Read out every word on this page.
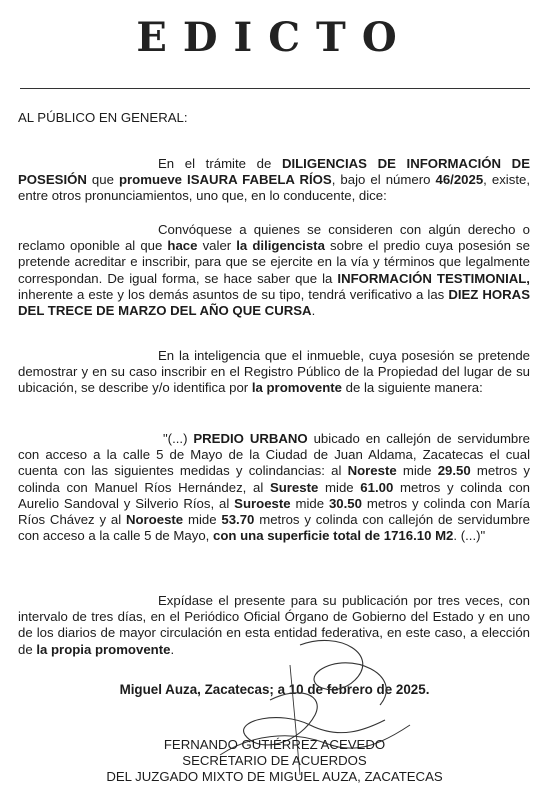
EDICTO
AL PÚBLICO EN GENERAL:
En el trámite de DILIGENCIAS DE INFORMACIÓN DE POSESIÓN que promueve ISAURA FABELA RÍOS, bajo el número 46/2025, existe, entre otros pronunciamientos, uno que, en lo conducente, dice:
Convóquese a quienes se consideren con algún derecho o reclamo oponible al que hace valer la diligencista sobre el predio cuya posesión se pretende acreditar e inscribir, para que se ejercite en la vía y términos que legalmente correspondan. De igual forma, se hace saber que la INFORMACIÓN TESTIMONIAL, inherente a este y los demás asuntos de su tipo, tendrá verificativo a las DIEZ HORAS DEL TRECE DE MARZO DEL AÑO QUE CURSA.
En la inteligencia que el inmueble, cuya posesión se pretende demostrar y en su caso inscribir en el Registro Público de la Propiedad del lugar de su ubicación, se describe y/o identifica por la promovente de la siguiente manera:
"(...) PREDIO URBANO ubicado en callejón de servidumbre con acceso a la calle 5 de Mayo de la Ciudad de Juan Aldama, Zacatecas el cual cuenta con las siguientes medidas y colindancias: al Noreste mide 29.50 metros y colinda con Manuel Ríos Hernández, al Sureste mide 61.00 metros y colinda con Aurelio Sandoval y Silverio Ríos, al Suroeste mide 30.50 metros y colinda con María Ríos Chávez y al Noroeste mide 53.70 metros y colinda con callejón de servidumbre con acceso a la calle 5 de Mayo, con una superficie total de 1716.10 M2. (...)"
Expídase el presente para su publicación por tres veces, con intervalo de tres días, en el Periódico Oficial Órgano de Gobierno del Estado y en uno de los diarios de mayor circulación en esta entidad federativa, en este caso, a elección de la propia promovente.
Miguel Auza, Zacatecas; a 10 de febrero de 2025.
FERNANDO GUTIÉRREZ ACEVEDO
SECRETARIO DE ACUERDOS
DEL JUZGADO MIXTO DE MIGUEL AUZA, ZACATECAS
